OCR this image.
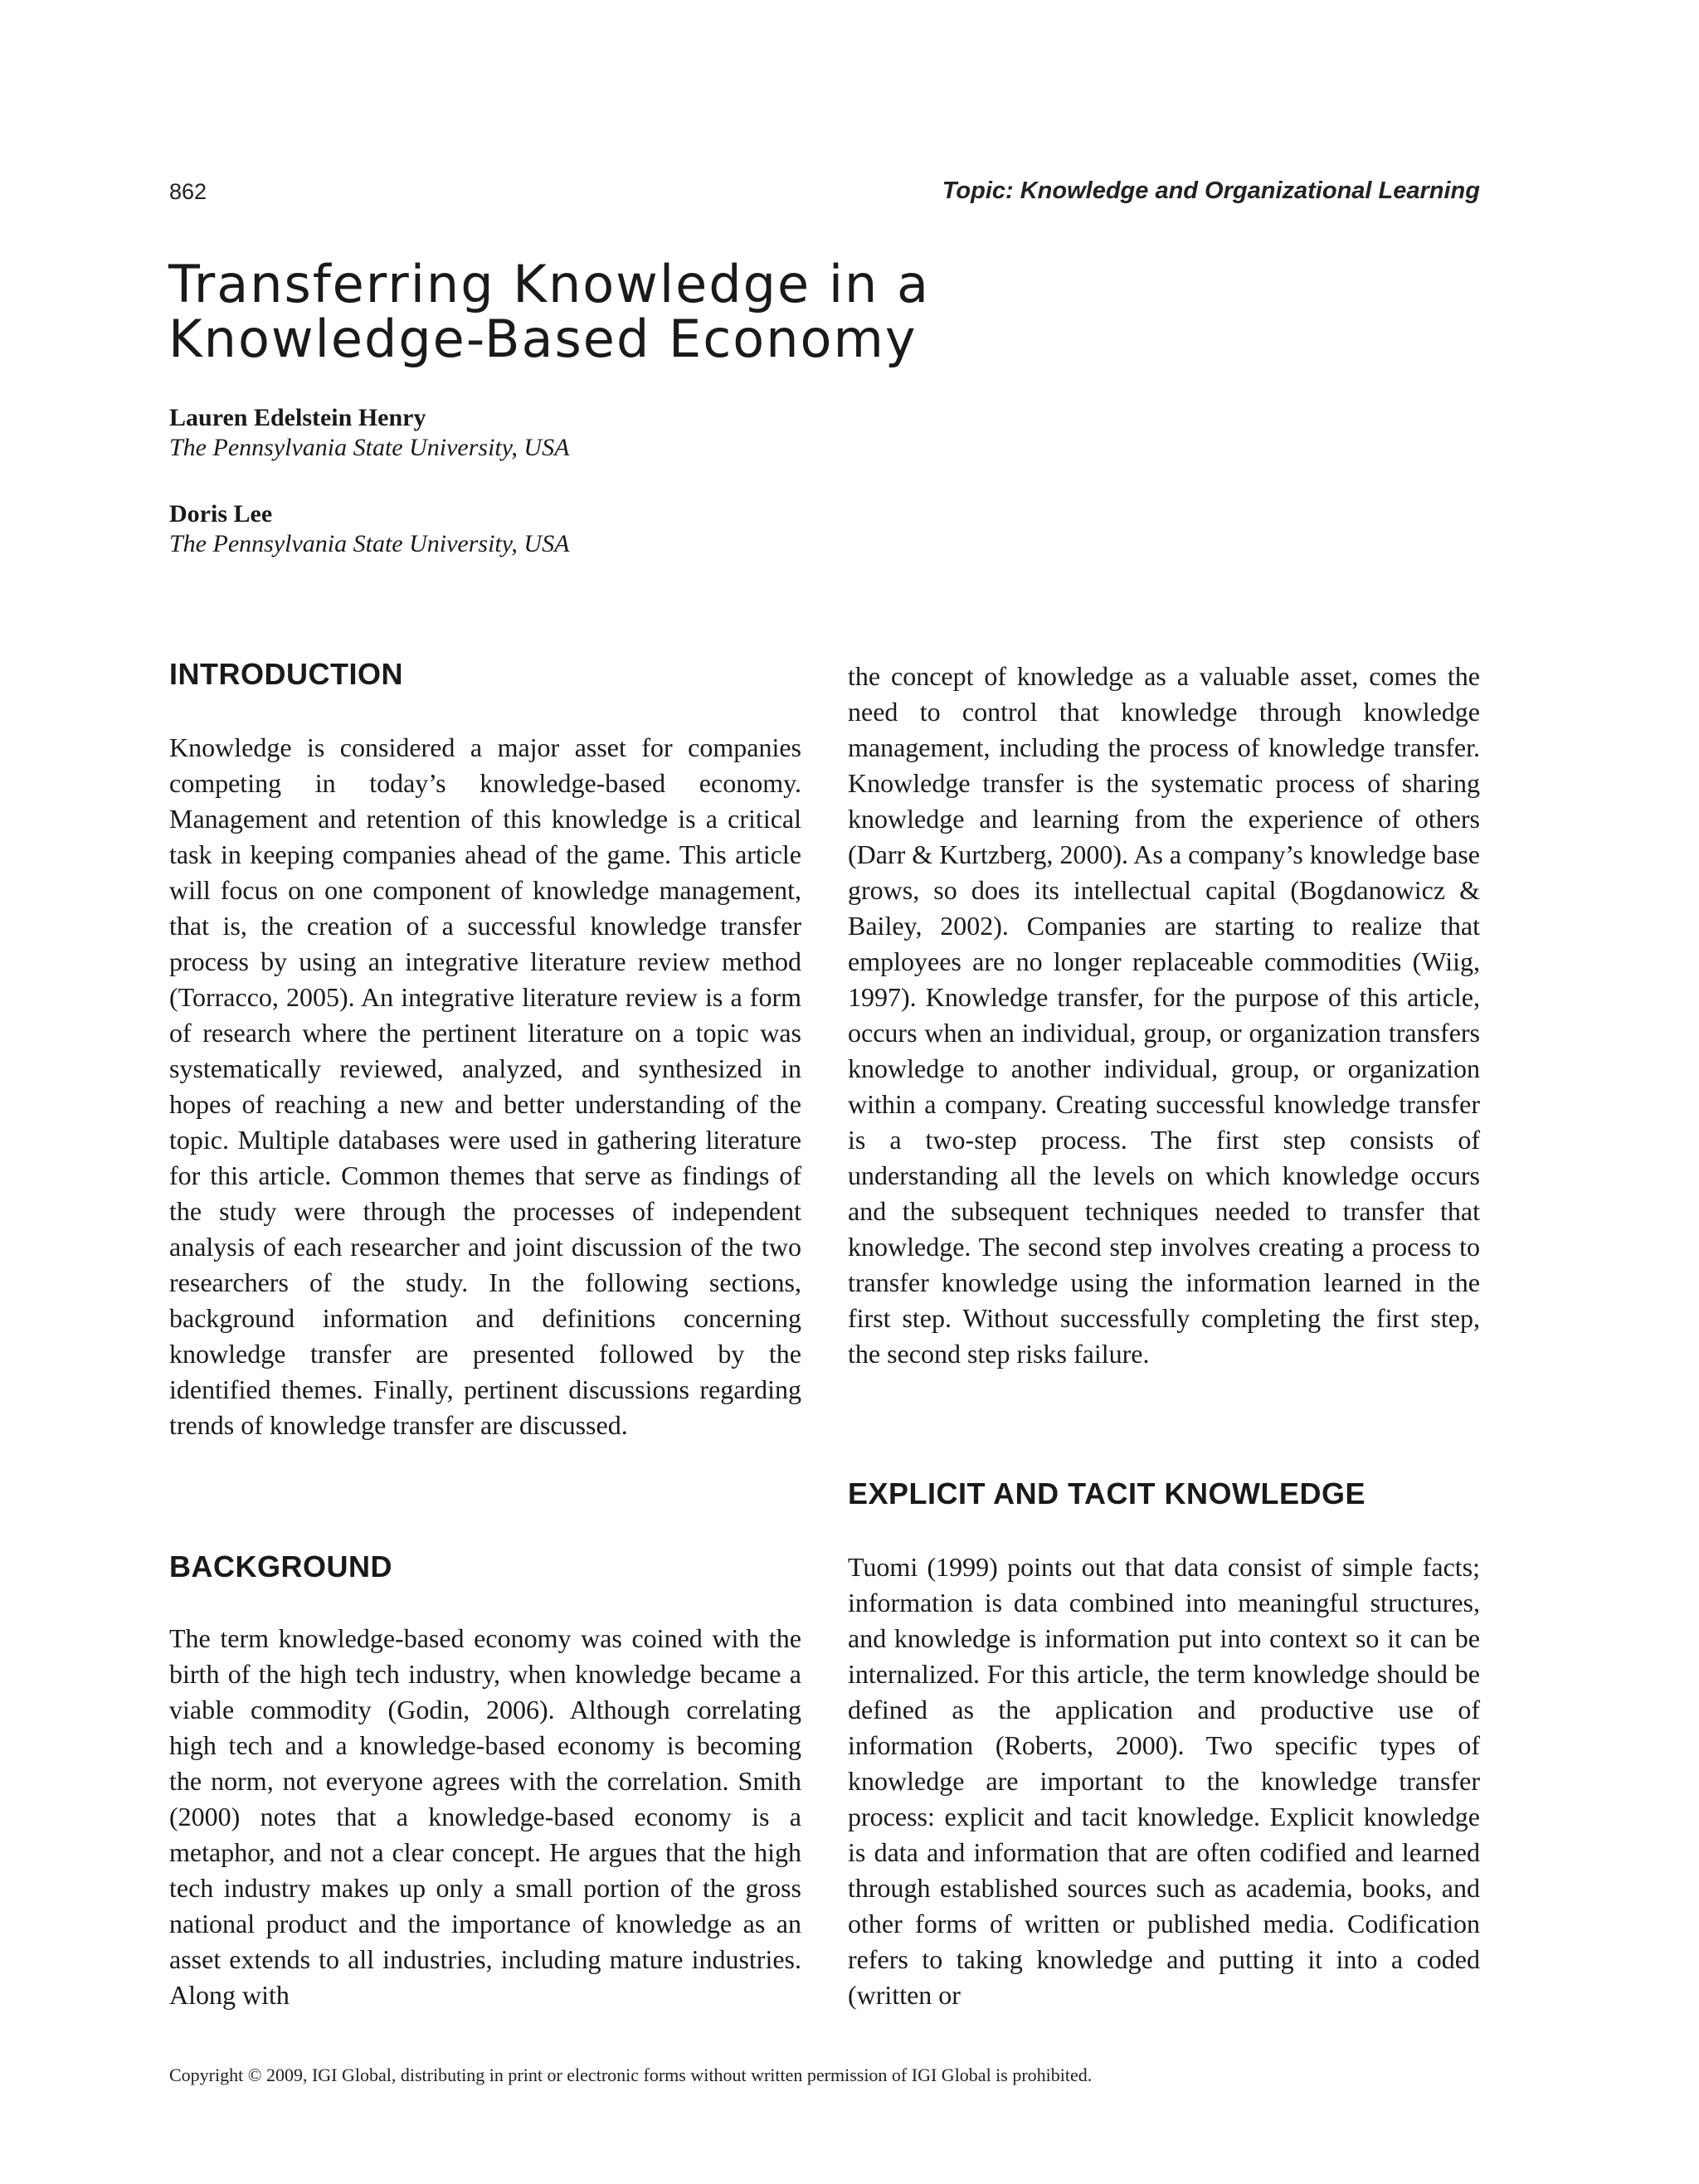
862	Topic: Knowledge and Organizational Learning
Transferring Knowledge in a
Knowledge-Based Economy
Lauren Edelstein Henry
The Pennsylvania State University, USA
Doris Lee
The Pennsylvania State University, USA
INTRODUCTION

Knowledge is considered a major asset for companies competing in today’s knowledge-based economy. Management and retention of this knowledge is a critical task in keeping companies ahead of the game. This article will focus on one component of knowledge management, that is, the creation of a successful knowledge transfer process by using an integrative literature review method (Torracco, 2005). An integrative literature review is a form of research where the pertinent literature on a topic was systematically reviewed, analyzed, and synthesized in hopes of reaching a new and better understanding of the topic. Multiple databases were used in gathering literature for this article. Common themes that serve as findings of the study were through the processes of independent analysis of each researcher and joint discussion of the two researchers of the study. In the following sections, background information and definitions concerning knowledge transfer are presented followed by the identified themes. Finally, pertinent discussions regarding trends of knowledge transfer are discussed.

BACKGROUND

The term knowledge-based economy was coined with the birth of the high tech industry, when knowledge became a viable commodity (Godin, 2006). Although correlating high tech and a knowledge-based economy is becoming the norm, not everyone agrees with the correlation. Smith (2000) notes that a knowledge-based economy is a metaphor, and not a clear concept. He argues that the high tech industry makes up only a small portion of the gross national product and the importance of knowledge as an asset extends to all industries, including mature industries. Along with

the concept of knowledge as a valuable asset, comes the need to control that knowledge through knowledge management, including the process of knowledge transfer. Knowledge transfer is the systematic process of sharing knowledge and learning from the experience of others (Darr & Kurtzberg, 2000). As a company’s knowledge base grows, so does its intellectual capital (Bogdanowicz & Bailey, 2002). Companies are starting to realize that employees are no longer replaceable commodities (Wiig, 1997). Knowledge transfer, for the purpose of this article, occurs when an individual, group, or organization transfers knowledge to another individual, group, or organization within a company. Creating successful knowledge transfer is a two-step process. The first step consists of understanding all the levels on which knowledge occurs and the subsequent techniques needed to transfer that knowledge. The second step involves creating a process to transfer knowledge using the information learned in the first step. Without successfully completing the first step, the second step risks failure.

EXPLICIT AND TACIT KNOWLEDGE

Tuomi (1999) points out that data consist of simple facts; information is data combined into meaningful structures, and knowledge is information put into context so it can be internalized. For this article, the term knowledge should be defined as the application and productive use of information (Roberts, 2000). Two specific types of knowledge are important to the knowledge transfer process: explicit and tacit knowledge. Explicit knowledge is data and information that are often codified and learned through established sources such as academia, books, and other forms of written or published media. Codification refers to taking knowledge and putting it into a coded (written or

Copyright © 2009, IGI Global, distributing in print or electronic forms without written permission of IGI Global is prohibited.
